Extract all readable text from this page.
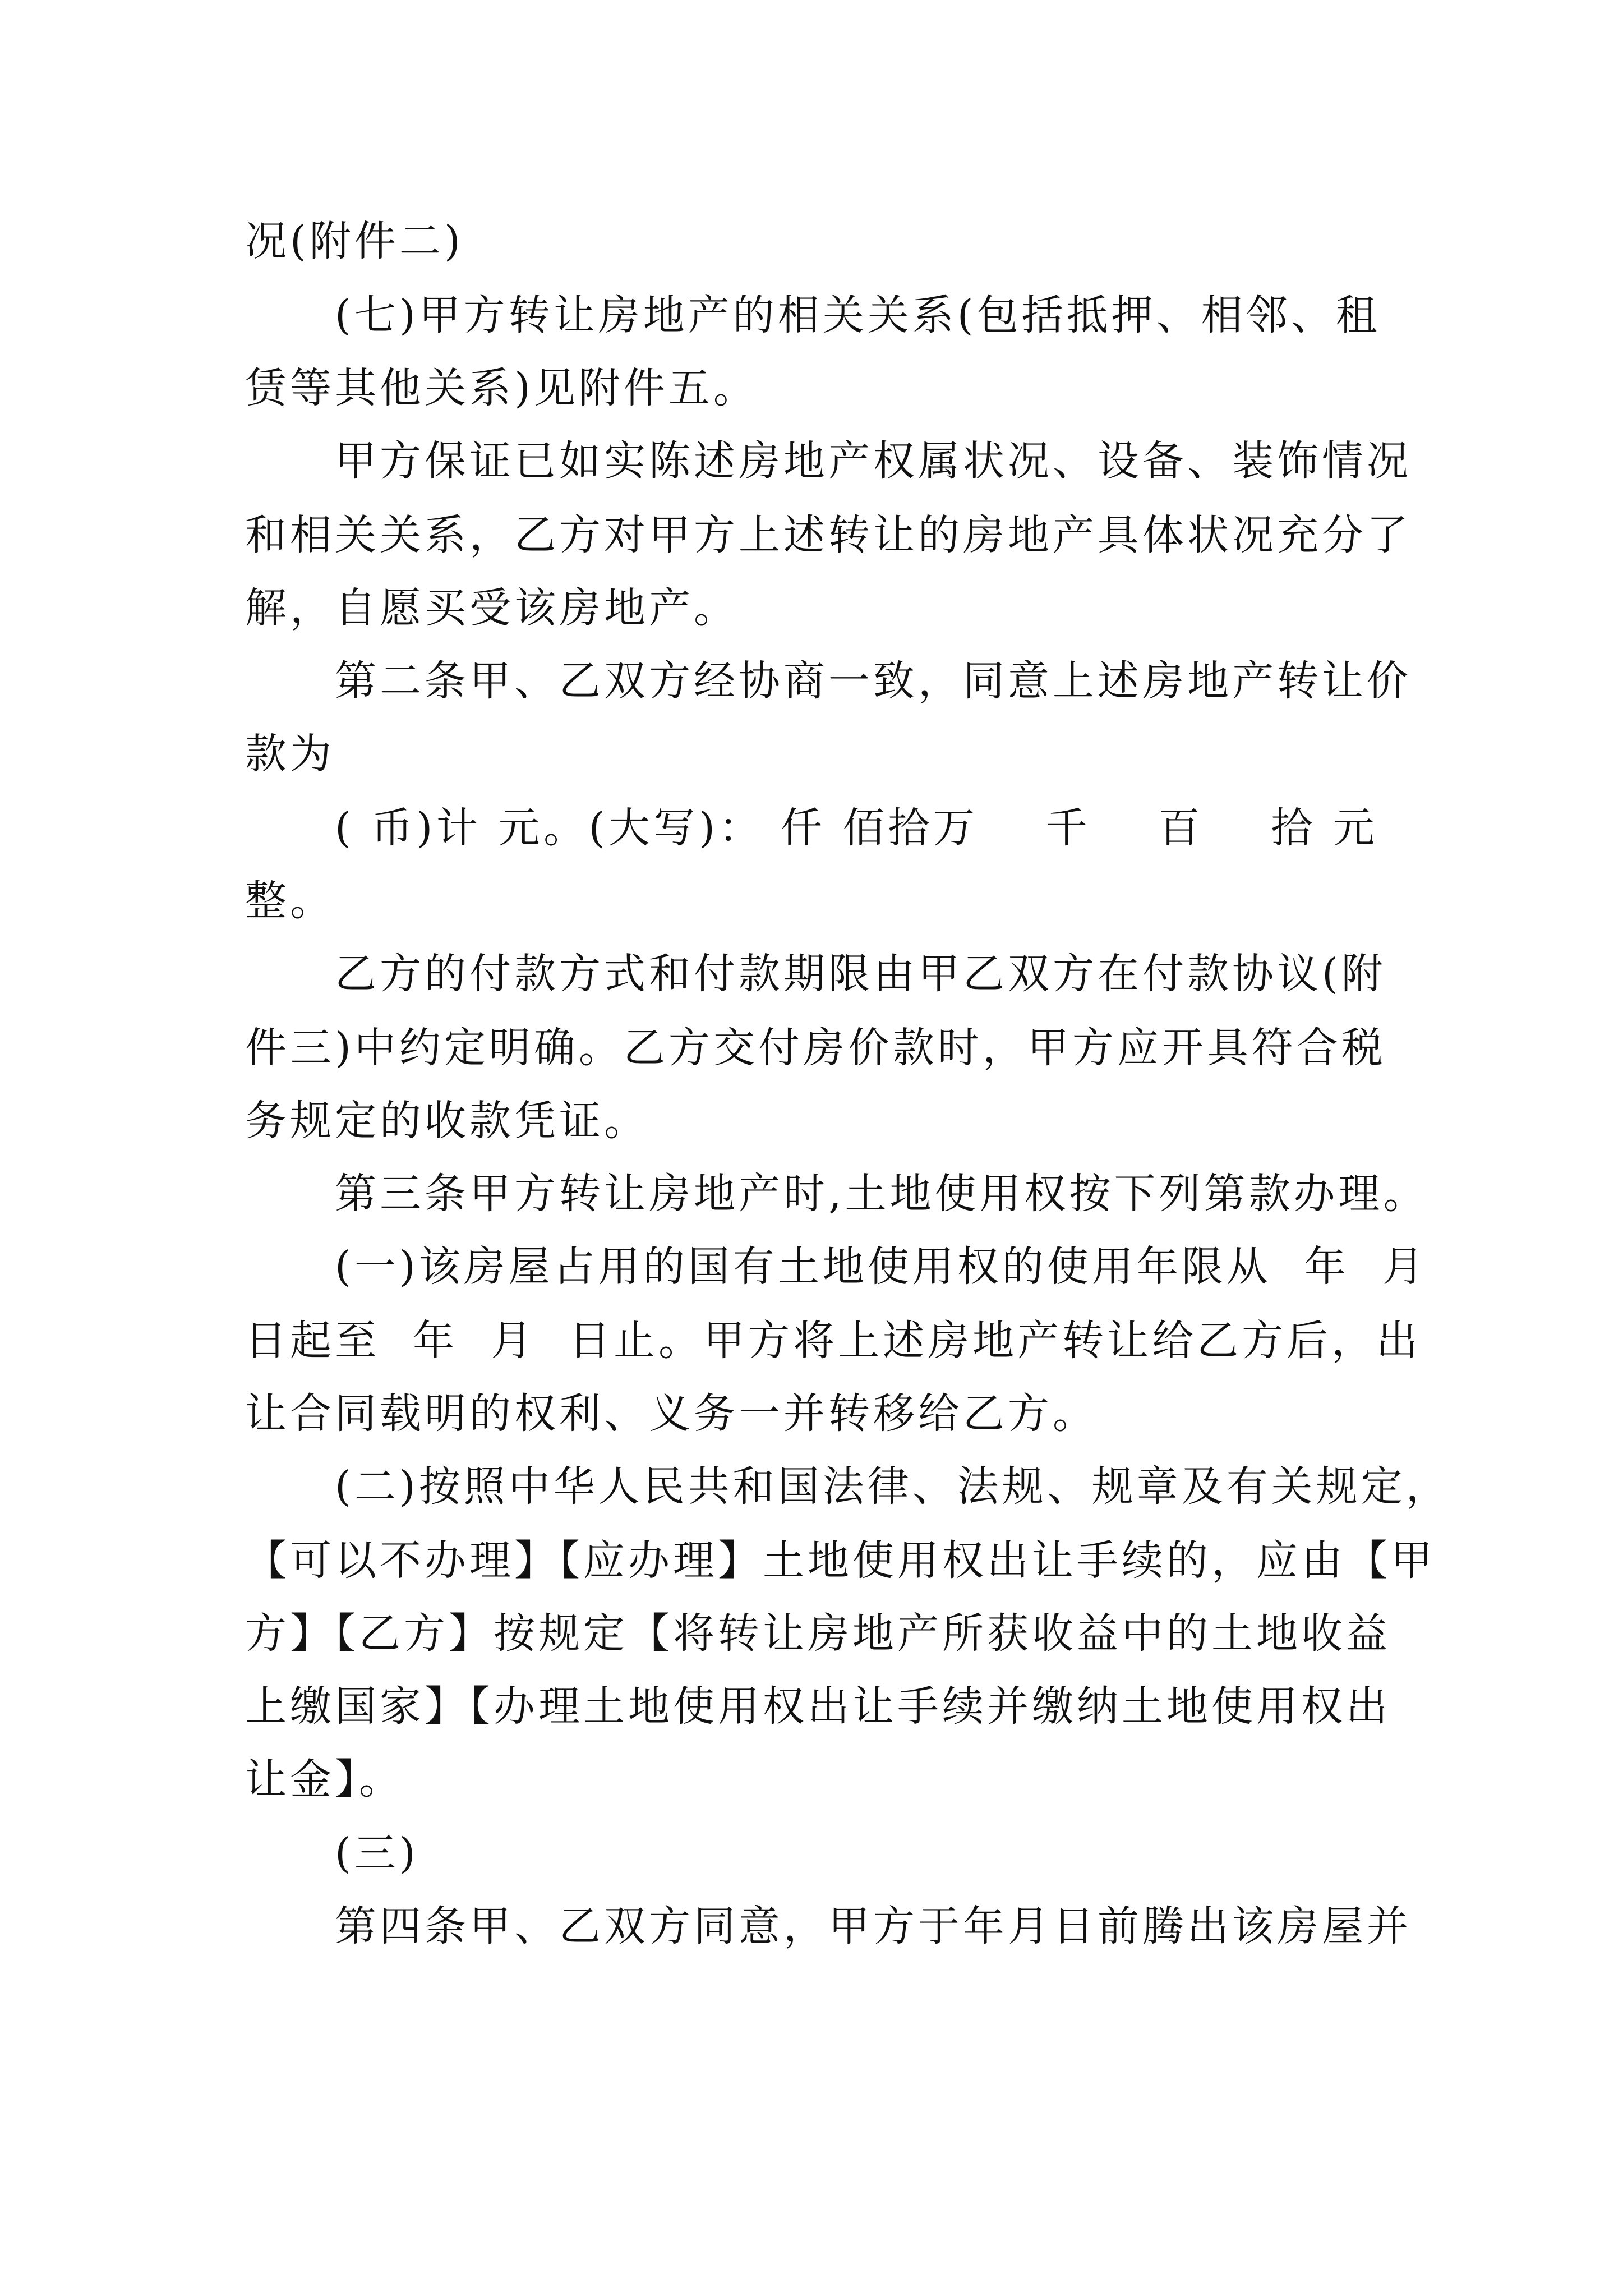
况(附件二)
(七)甲方转让房地产的相关关系(包括抵押、相邻、租
赁等其他关系)见附件五。
甲方保证已如实陈述房地产权属状况、设备、装饰情况
和相关关系，乙方对甲方上述转让的房地产具体状况充分了
解，自愿买受该房地产。
第二条甲、乙双方经协商一致，同意上述房地产转让价
款为
( 币)计 元。(大写)： 仟 佰拾万    千    百    拾 元
整。
乙方的付款方式和付款期限由甲乙双方在付款协议(附
件三)中约定明确。乙方交付房价款时，甲方应开具符合税
务规定的收款凭证。
第三条甲方转让房地产时,土地使用权按下列第款办理。
(一)该房屋占用的国有土地使用权的使用年限从  年  月
日起至  年  月  日止。甲方将上述房地产转让给乙方后，出
让合同载明的权利、义务一并转移给乙方。
(二)按照中华人民共和国法律、法规、规章及有关规定，
【可以不办理】【应办理】土地使用权出让手续的，应由【甲
方】【乙方】按规定【将转让房地产所获收益中的土地收益
上缴国家】【办理土地使用权出让手续并缴纳土地使用权出
让金】。
(三)
第四条甲、乙双方同意，甲方于年月日前腾出该房屋并
